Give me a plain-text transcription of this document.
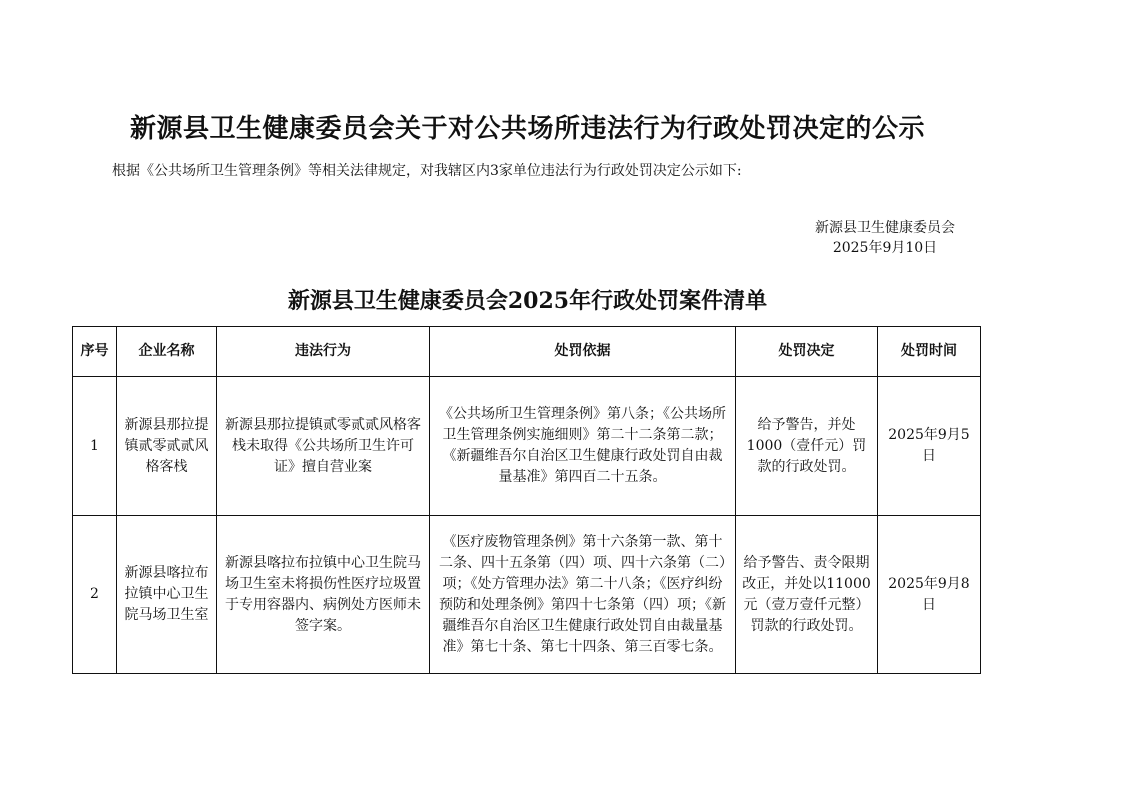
新源县卫生健康委员会关于对公共场所违法行为行政处罚决定的公示
根据《公共场所卫生管理条例》等相关法律规定，对我辖区内3家单位违法行为行政处罚决定公示如下:
新源县卫生健康委员会
2025年9月10日
新源县卫生健康委员会2025年行政处罚案件清单
序号	企业名称	违法行为	处罚依据	处罚决定	处罚时间
1	新源县那拉提镇贰零贰贰风格客栈	新源县那拉提镇贰零贰贰风格客栈未取得《公共场所卫生许可证》擅自营业案	《公共场所卫生管理条例》第八条；《公共场所卫生管理条例实施细则》第二十二条第二款；《新疆维吾尔自治区卫生健康行政处罚自由裁量基准》第四百二十五条。	给予警告，并处1000（壹仟元）罚款的行政处罚。	2025年9月5日
2	新源县喀拉布拉镇中心卫生院马场卫生室	新源县喀拉布拉镇中心卫生院马场卫生室未将损伤性医疗垃圾置于专用容器内、病例处方医师未签字案。	《医疗废物管理条例》第十六条第一款、第十二条、四十五条第（四）项、四十六条第（二）项；《处方管理办法》第二十八条；《医疗纠纷预防和处理条例》第四十七条第（四）项；《新疆维吾尔自治区卫生健康行政处罚自由裁量基准》第七十条、第七十四条、第三百零七条。	给予警告、责令限期改正，并处以11000元（壹万壹仟元整）罚款的行政处罚。	2025年9月8日
